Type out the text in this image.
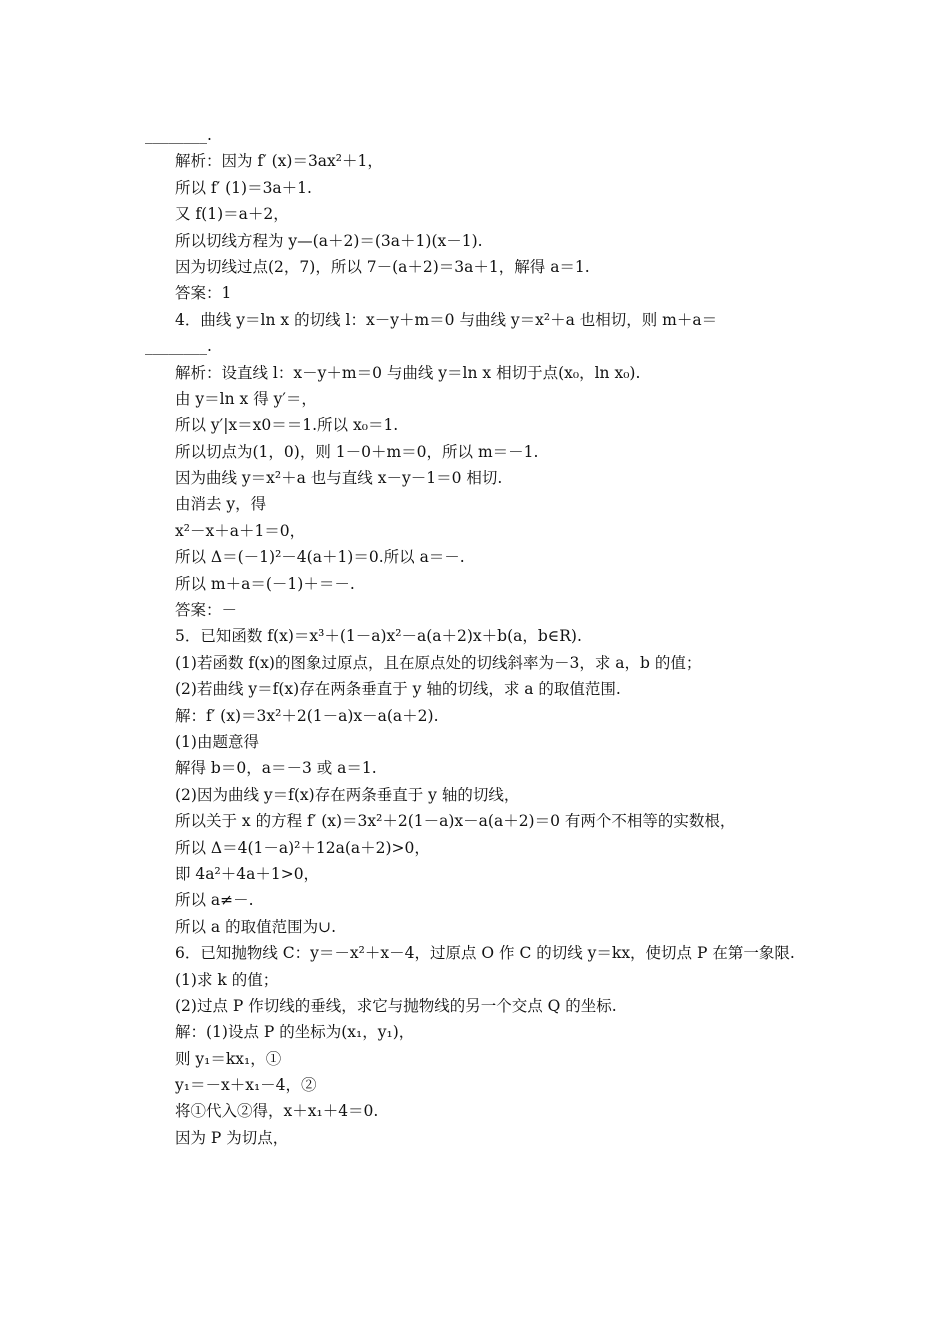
________.
解析：因为 f′ (x)＝3ax²＋1，
所以 f′ (1)＝3a＋1.
又 f(1)＝a＋2，
所以切线方程为 y—(a＋2)＝(3a＋1)(x－1).
因为切线过点(2，7)，所以 7－(a＋2)＝3a＋1，解得 a＝1.
答案：1
4．曲线 y＝ln x 的切线 l：x－y＋m＝0 与曲线 y＝x²＋a 也相切，则 m＋a＝
________.
解析：设直线 l：x－y＋m＝0 与曲线 y＝ln x 相切于点(x₀，ln x₀).
由 y＝ln x 得 y′＝，
所以 y′|x＝x0＝＝1.所以 x₀＝1.
所以切点为(1，0)，则 1－0＋m＝0，所以 m＝－1.
因为曲线 y＝x²＋a 也与直线 x－y－1＝0 相切.
由消去 y，得
x²－x＋a＋1＝0，
所以 Δ＝(－1)²－4(a＋1)＝0.所以 a＝－.
所以 m＋a＝(－1)＋＝－.
答案：－
5．已知函数 f(x)＝x³＋(1－a)x²－a(a＋2)x＋b(a，b∈R).
(1)若函数 f(x)的图象过原点，且在原点处的切线斜率为－3，求 a，b 的值；
(2)若曲线 y＝f(x)存在两条垂直于 y 轴的切线，求 a 的取值范围.
解：f′ (x)＝3x²＋2(1－a)x－a(a＋2).
(1)由题意得
解得 b＝0，a＝－3 或 a＝1.
(2)因为曲线 y＝f(x)存在两条垂直于 y 轴的切线，
所以关于 x 的方程 f′ (x)＝3x²＋2(1－a)x－a(a＋2)＝0 有两个不相等的实数根，
所以 Δ＝4(1－a)²＋12a(a＋2)>0，
即 4a²＋4a＋1>0，
所以 a≠－.
所以 a 的取值范围为∪.
6．已知抛物线 C：y＝－x²＋x－4，过原点 O 作 C 的切线 y＝kx，使切点 P 在第一象限.
(1)求 k 的值；
(2)过点 P 作切线的垂线，求它与抛物线的另一个交点 Q 的坐标.
解：(1)设点 P 的坐标为(x₁，y₁)，
则 y₁＝kx₁，①
y₁＝－x＋x₁－4，②
将①代入②得，x＋x₁＋4＝0.
因为 P 为切点，
